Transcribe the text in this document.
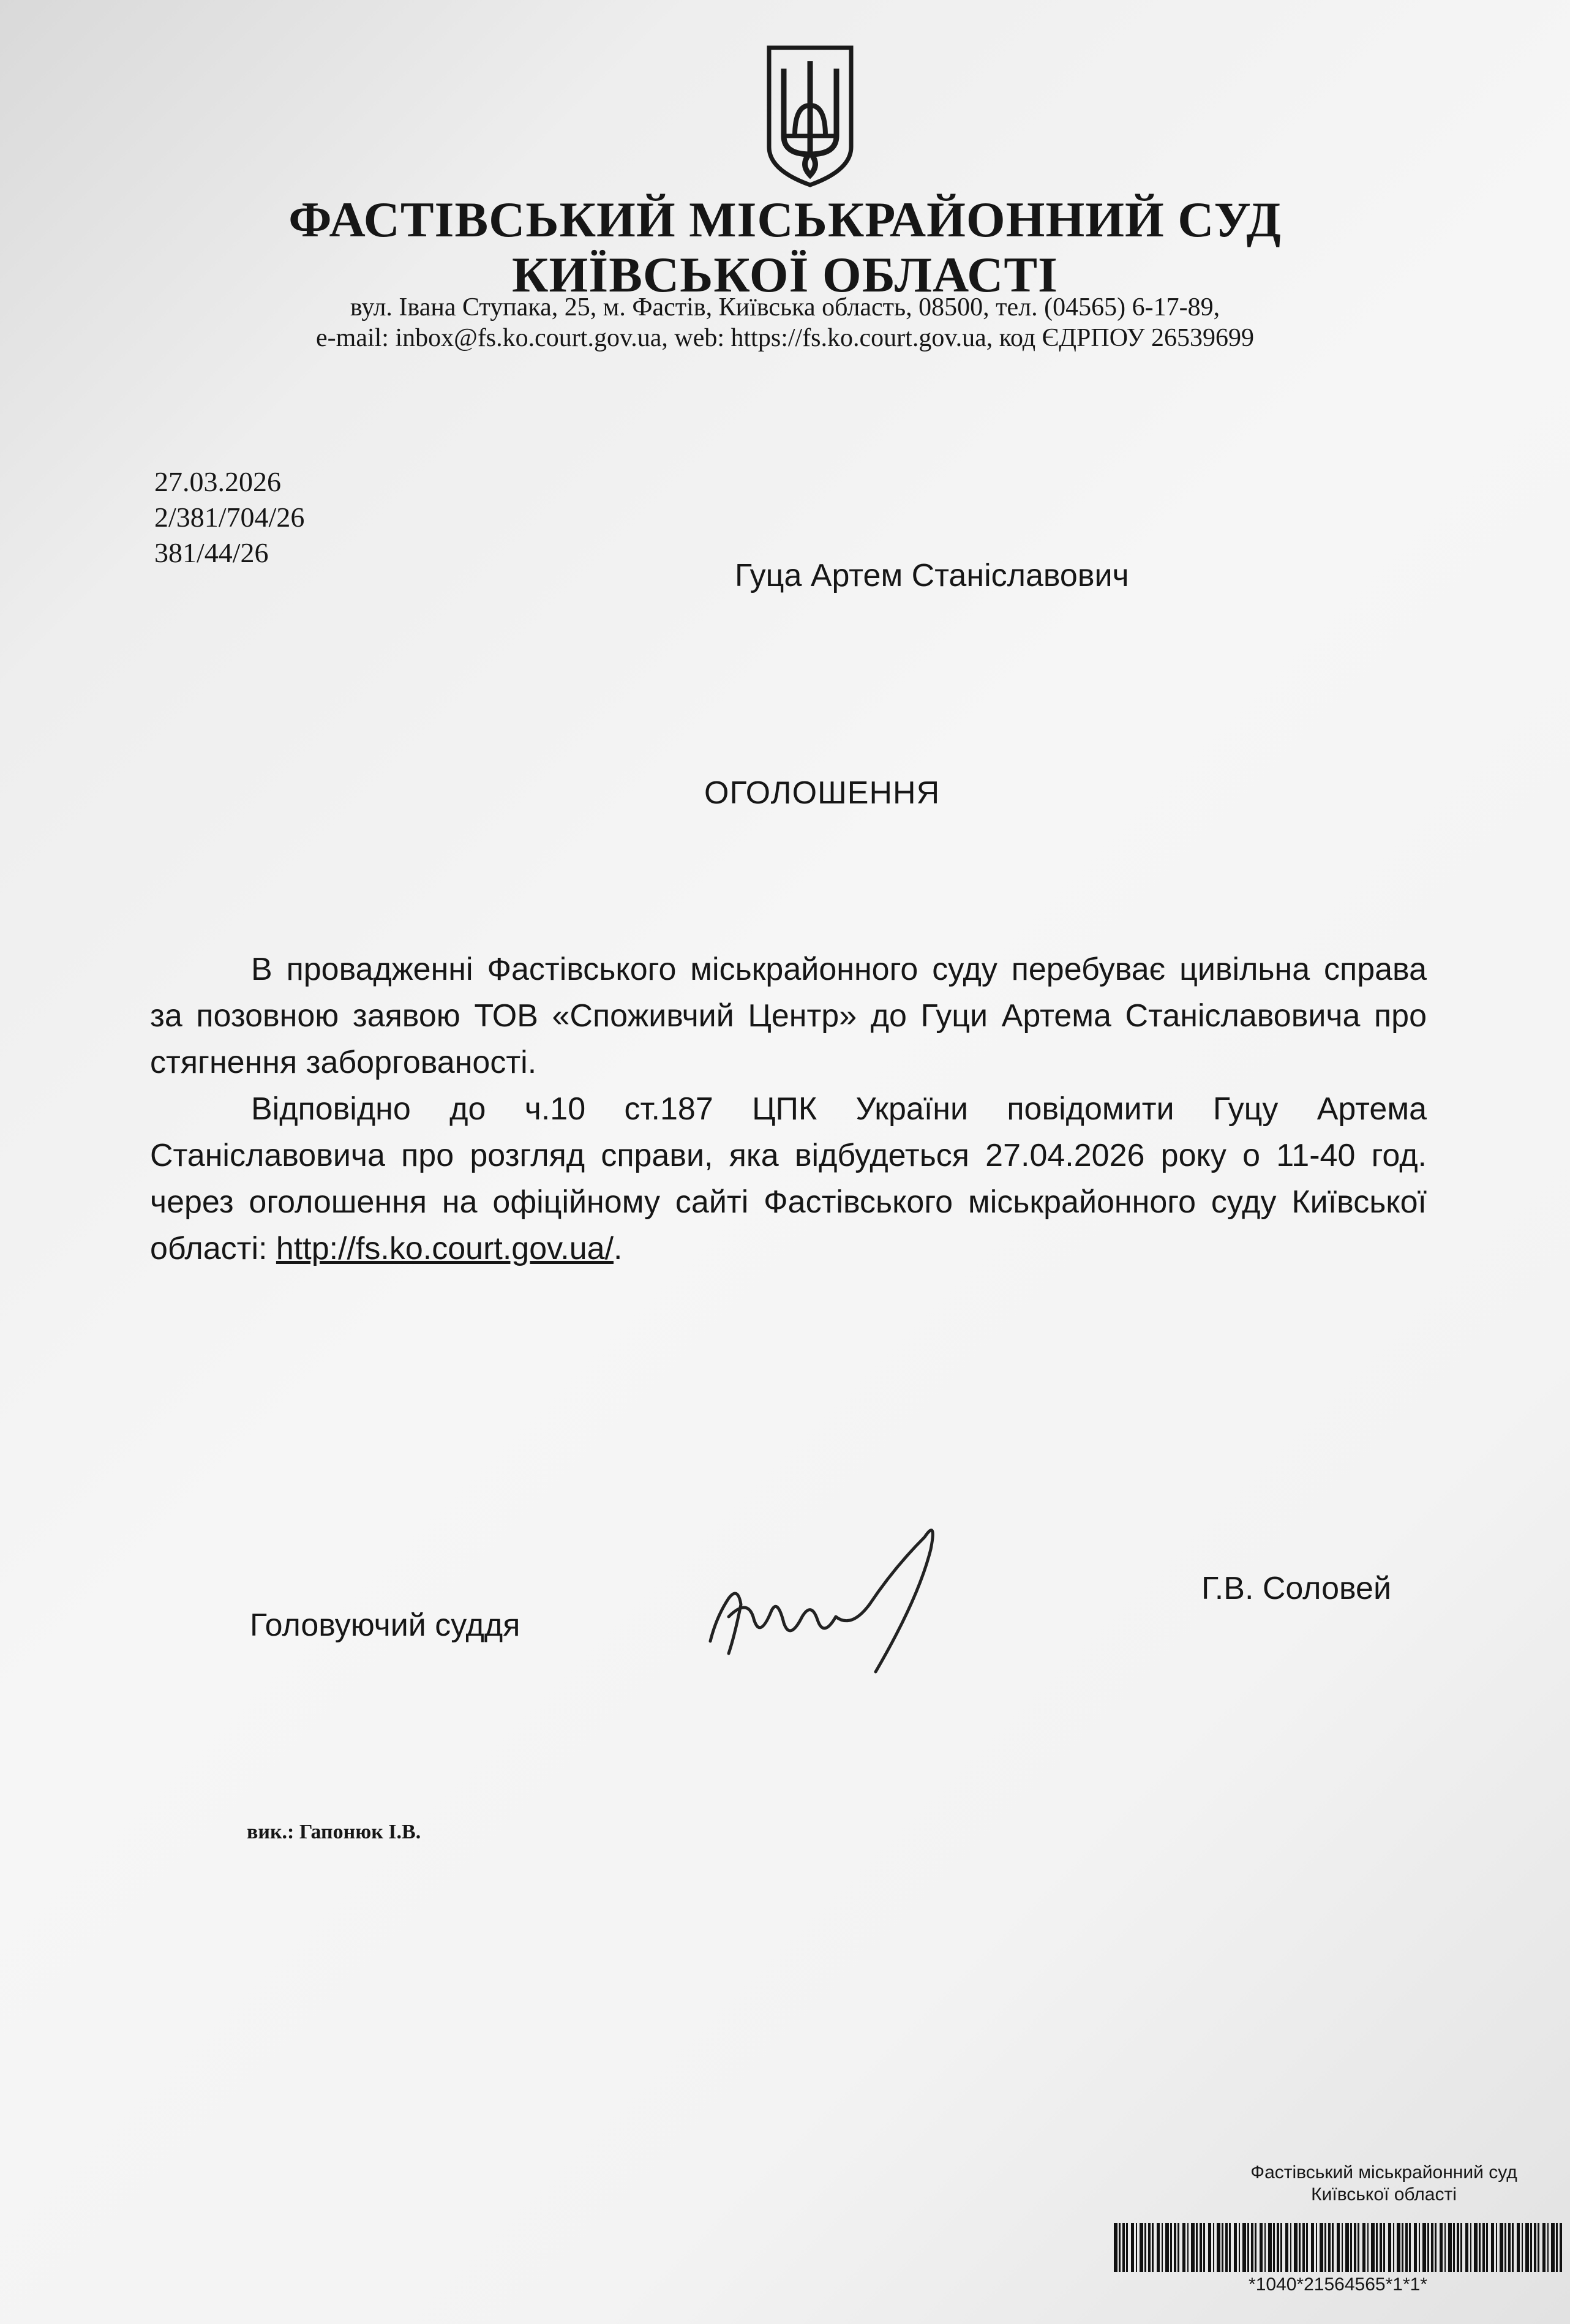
ФАСТІВСЬКИЙ МІСЬКРАЙОННИЙ СУД
КИЇВСЬКОЇ ОБЛАСТІ
вул. Івана Ступака, 25, м. Фастів, Київська область, 08500, тел. (04565) 6-17-89,
e-mail: inbox@fs.ko.court.gov.ua, web: https://fs.ko.court.gov.ua, код ЄДРПОУ 26539699
27.03.2026
2/381/704/26
381/44/26
Гуца Артем Станіславович
ОГОЛОШЕННЯ

В провадженні Фастівського міськрайонного суду перебуває цивільна справа за позовною заявою ТОВ «Споживчий Центр» до Гуци Артема Станіславовича про стягнення заборгованості.

Відповідно до ч.10 ст.187 ЦПК України повідомити Гуцу Артема Станіславовича про розгляд справи, яка відбудеться 27.04.2026 року о 11-40 год. через оголошення на офіційному сайті Фастівського міськрайонного суду Київської області: http://fs.ko.court.gov.ua/.

Головуючий суддя
Г.В. Соловей
вик.: Гапонюк І.В.
Фастівський міськрайонний суд
Київської області
*1040*21564565*1*1*
